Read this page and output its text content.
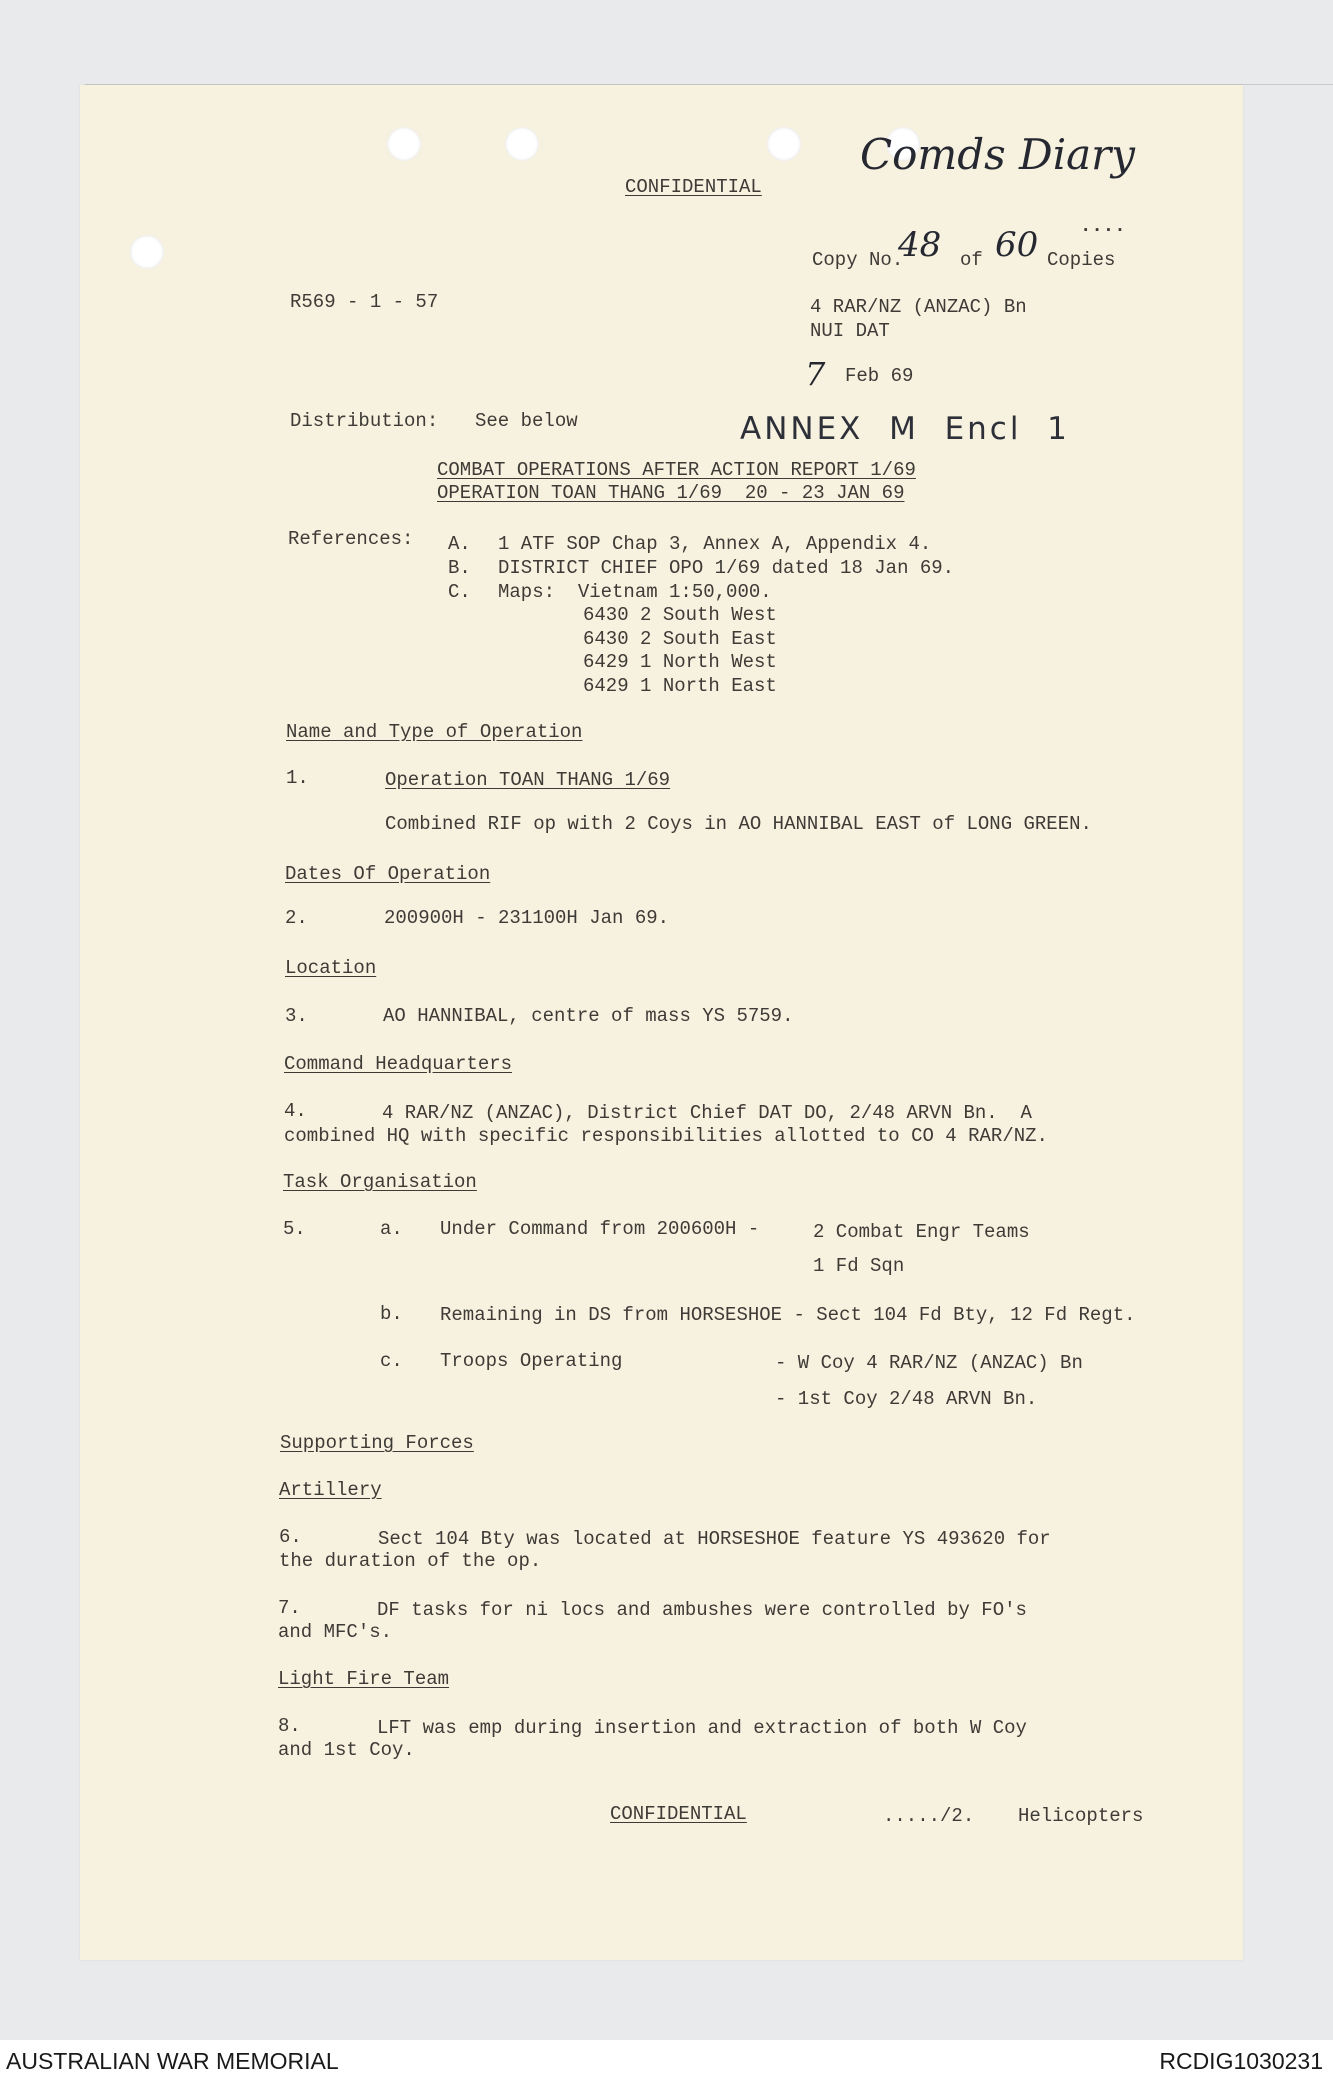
CONFIDENTIAL
Comds Diary
Copy No.
48 of 60 Copies
....
R569 - 1 - 57	4 RAR/NZ (ANZAC) Bn
NUI DAT
7 Feb 69
Distribution: See below	ANNEX  M  Encl  1
COMBAT OPERATIONS AFTER ACTION REPORT 1/69
OPERATION TOAN THANG 1/69  20 - 23 JAN 69
References: A. 1 ATF SOP Chap 3, Annex A, Appendix 4.
B. DISTRICT CHIEF OPO 1/69 dated 18 Jan 69.
C. Maps:  Vietnam 1:50,000.
6430 2 South West
6430 2 South East
6429 1 North West
6429 1 North East
Name and Type of Operation
1.	Operation TOAN THANG 1/69
Combined RIF op with 2 Coys in AO HANNIBAL EAST of LONG GREEN.
Dates Of Operation
2.	200900H - 231100H Jan 69.
Location
3.	AO HANNIBAL, centre of mass YS 5759.
Command Headquarters
4.	4 RAR/NZ (ANZAC), District Chief DAT DO, 2/48 ARVN Bn.  A
combined HQ with specific responsibilities allotted to CO 4 RAR/NZ.
Task Organisation
5.	a. Under Command from 200600H -	2 Combat Engr Teams
1 Fd Sqn
b. Remaining in DS from HORSESHOE - Sect 104 Fd Bty, 12 Fd Regt.
c. Troops Operating	- W Coy 4 RAR/NZ (ANZAC) Bn
- 1st Coy 2/48 ARVN Bn.
Supporting Forces
Artillery
6.	Sect 104 Bty was located at HORSESHOE feature YS 493620 for
the duration of the op.
7.	DF tasks for ni locs and ambushes were controlled by FO's
and MFC's.
Light Fire Team
8.	LFT was emp during insertion and extraction of both W Coy
and 1st Coy.
CONFIDENTIAL	...../2. Helicopters
AUSTRALIAN WAR MEMORIAL	RCDIG1030231
